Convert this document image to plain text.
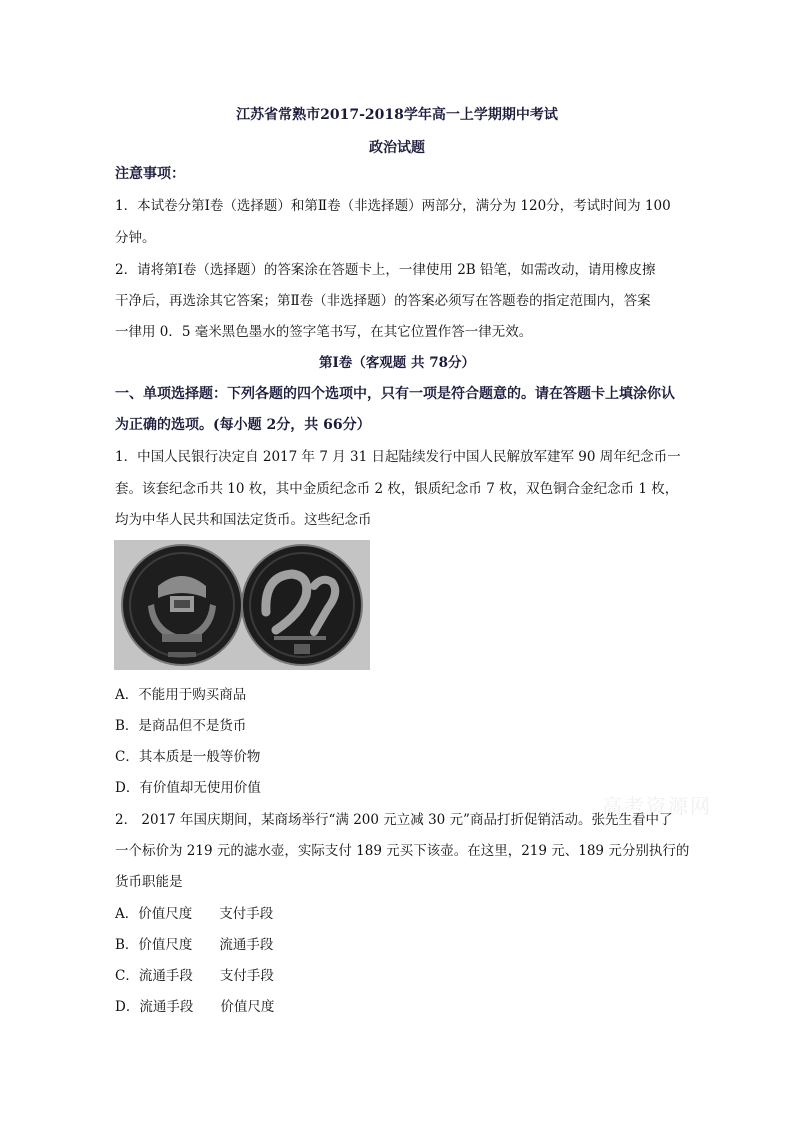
江苏省常熟市2017-2018学年高一上学期期中考试
政治试题
注意事项：
1．本试卷分第Ⅰ卷（选择题）和第Ⅱ卷（非选择题）两部分，满分为 120分，考试时间为 100
分钟。
2．请将第Ⅰ卷（选择题）的答案涂在答题卡上，一律使用 2B 铅笔，如需改动，请用橡皮擦
干净后，再选涂其它答案；第Ⅱ卷（非选择题）的答案必须写在答题卷的指定范围内，答案
一律用 0．5 毫米黑色墨水的签字笔书写，在其它位置作答一律无效。
第Ⅰ卷（客观题 共 78分）
一、单项选择题：下列各题的四个选项中，只有一项是符合题意的。请在答题卡上填涂你认
为正确的选项。(每小题 2分，共 66分）
1．中国人民银行决定自 2017 年 7 月 31 日起陆续发行中国人民解放军建军 90 周年纪念币一
套。该套纪念币共 10 枚，其中金质纪念币 2 枚，银质纪念币 7 枚，双色铜合金纪念币 1 枚，
均为中华人民共和国法定货币。这些纪念币
A．不能用于购买商品
B．是商品但不是货币
C．其本质是一般等价物
D．有价值却无使用价值
高考资源网
2． 2017 年国庆期间，某商场举行“满 200 元立减 30 元”商品打折促销活动。张先生看中了
一个标价为 219 元的滤水壶，实际支付 189 元买下该壶。在这里，219 元、189 元分别执行的
货币职能是
A．价值尺度　　支付手段
B．价值尺度　　流通手段
C．流通手段　　支付手段
D．流通手段　　价值尺度
